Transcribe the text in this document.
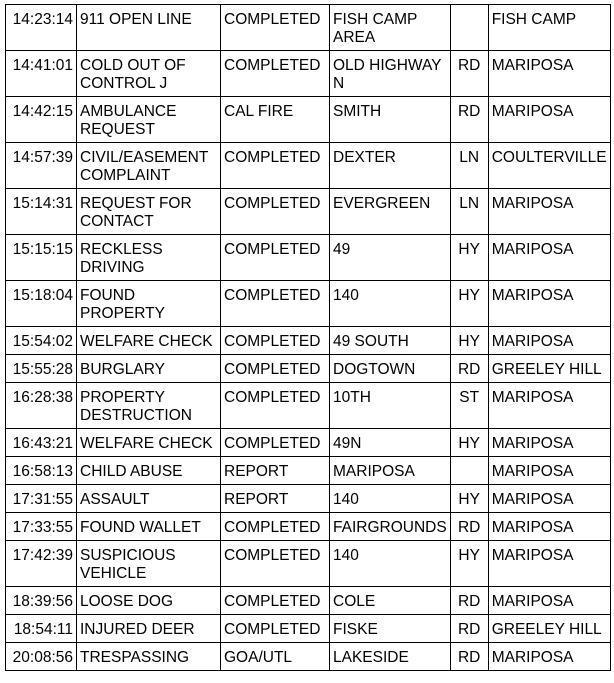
14:23:14	911 OPEN LINE	COMPLETED	FISH CAMP AREA		FISH CAMP
14:41:01	COLD OUT OF CONTROL J	COMPLETED	OLD HIGHWAY N	RD	MARIPOSA
14:42:15	AMBULANCE REQUEST	CAL FIRE	SMITH	RD	MARIPOSA
14:57:39	CIVIL/EASEMENT COMPLAINT	COMPLETED	DEXTER	LN	COULTERVILLE
15:14:31	REQUEST FOR CONTACT	COMPLETED	EVERGREEN	LN	MARIPOSA
15:15:15	RECKLESS DRIVING	COMPLETED	49	HY	MARIPOSA
15:18:04	FOUND PROPERTY	COMPLETED	140	HY	MARIPOSA
15:54:02	WELFARE CHECK	COMPLETED	49 SOUTH	HY	MARIPOSA
15:55:28	BURGLARY	COMPLETED	DOGTOWN	RD	GREELEY HILL
16:28:38	PROPERTY DESTRUCTION	COMPLETED	10TH	ST	MARIPOSA
16:43:21	WELFARE CHECK	COMPLETED	49N	HY	MARIPOSA
16:58:13	CHILD ABUSE	REPORT	MARIPOSA		MARIPOSA
17:31:55	ASSAULT	REPORT	140	HY	MARIPOSA
17:33:55	FOUND WALLET	COMPLETED	FAIRGROUNDS	RD	MARIPOSA
17:42:39	SUSPICIOUS VEHICLE	COMPLETED	140	HY	MARIPOSA
18:39:56	LOOSE DOG	COMPLETED	COLE	RD	MARIPOSA
18:54:11	INJURED DEER	COMPLETED	FISKE	RD	GREELEY HILL
20:08:56	TRESPASSING	GOA/UTL	LAKESIDE	RD	MARIPOSA
